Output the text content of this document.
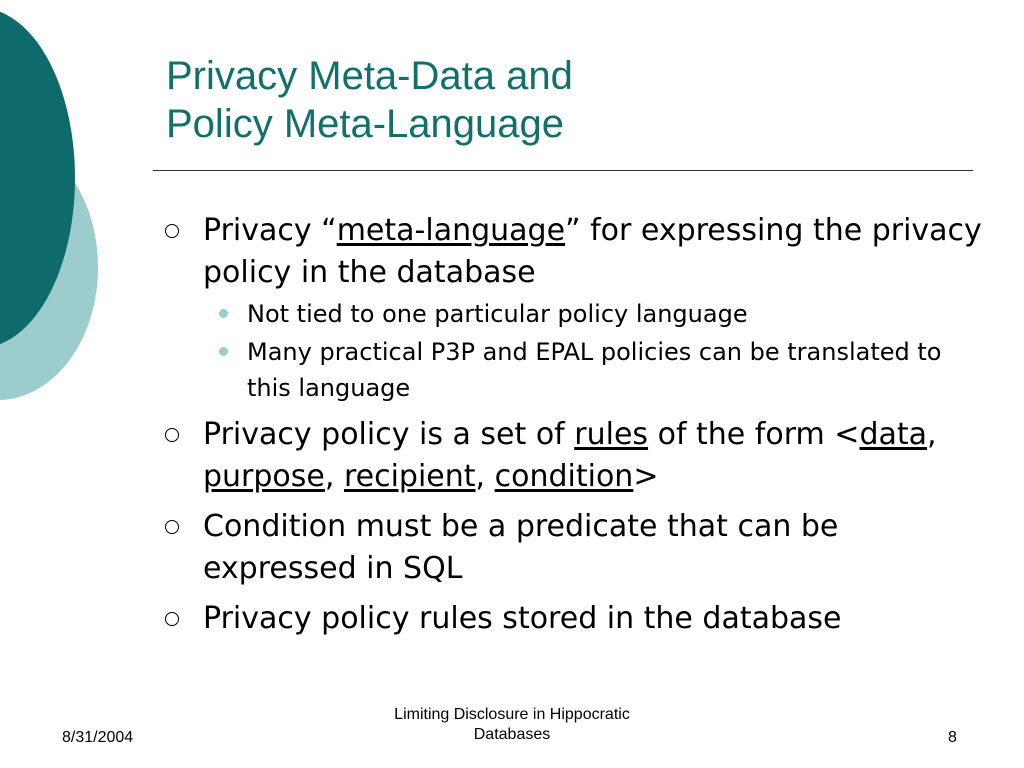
Privacy Meta-Data and
Policy Meta-Language
Privacy “meta-language” for expressing the privacy policy in the database
Not tied to one particular policy language
Many practical P3P and EPAL policies can be translated to this language
Privacy policy is a set of rules of the form <data, purpose, recipient, condition>
Condition must be a predicate that can be expressed in SQL
Privacy policy rules stored in the database
8/31/2004
Limiting Disclosure in Hippocratic
Databases	8
